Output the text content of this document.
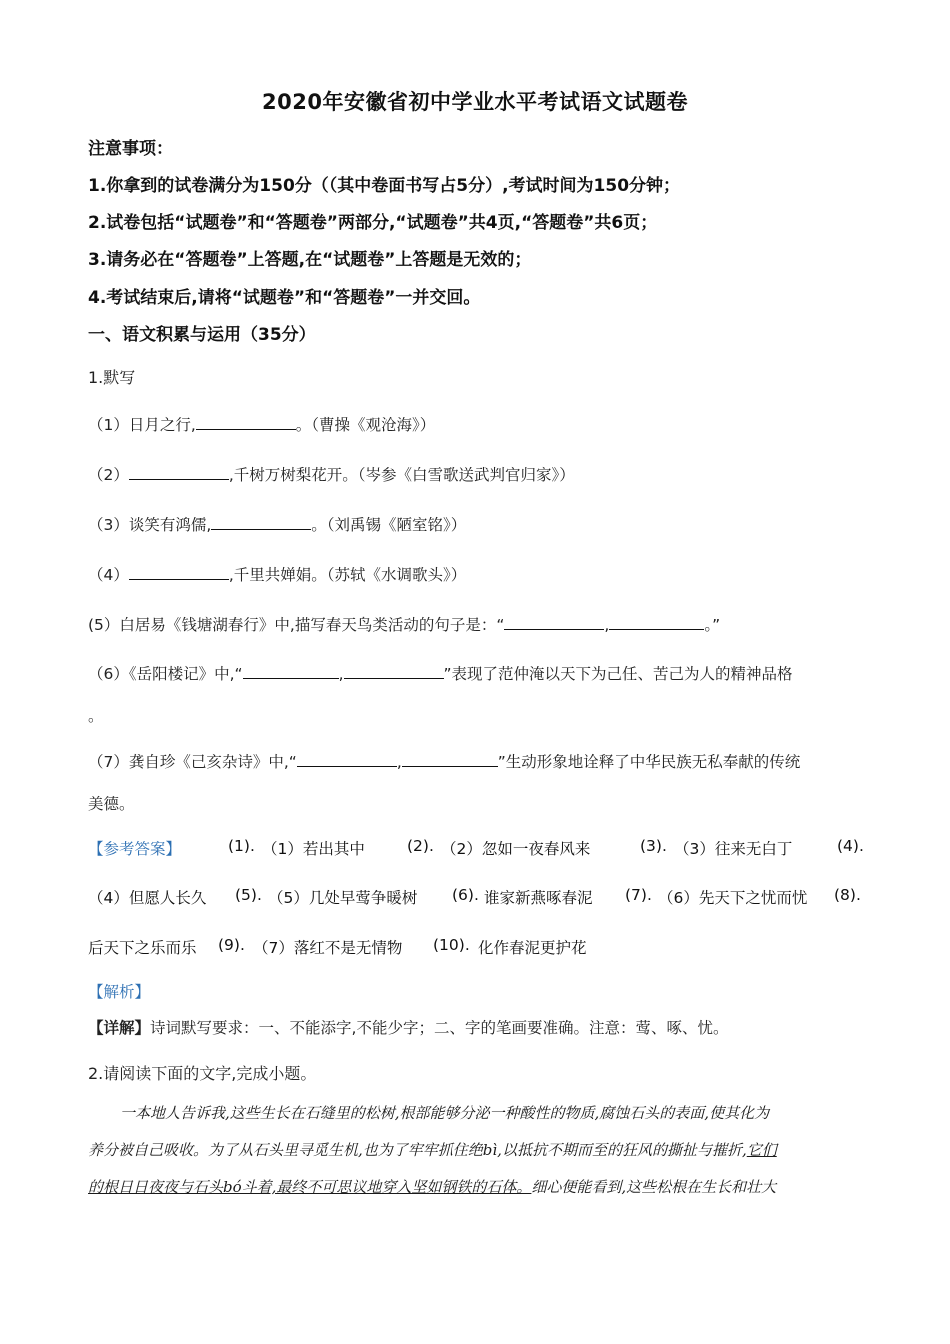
2020年安徽省初中学业水平考试语文试题卷
注意事项：
1.你拿到的试卷满分为150分（（其中卷面书写占5分）,考试时间为150分钟；
2.试卷包括“试题卷”和“答题卷”两部分,“试题卷”共4页,“答题卷”共6页；
3.请务必在“答题卷”上答题,在“试题卷”上答题是无效的；
4.考试结束后,请将“试题卷”和“答题卷”一并交回。
一、语文积累与运用（35分）
1.默写
（1）日月之行,	。（曹操《观沧海》）
（2）	,千树万树梨花开。（岑参《白雪歌送武判官归家》）
（3）谈笑有鸿儒,	。（刘禹锡《陋室铭》）
（4）	,千里共婵娟。（苏轼《水调歌头》）
(5）白居易《钱塘湖春行》中,描写春天鸟类活动的句子是：“	,	。”
（6）《岳阳楼记》中,“	,	”表现了范仲淹以天下为己任、苦己为人的精神品格
。
（7）龚自珍《己亥杂诗》中,“	,	”生动形象地诠释了中华民族无私奉献的传统
美德。
【参考答案】	(1). （1）若出其中	(2). （2）忽如一夜春风来	(3). （3）往来无白丁	(4).
（4）但愿人长久 (5). （5）几处早莺争暖树 (6). 谁家新燕啄春泥 (7). （6）先天下之忧而忧 (8).
后天下之乐而乐 (9). （7）落红不是无情物 (10). 化作春泥更护花
【解析】
【详解】诗词默写要求：一、不能添字,不能少字；二、字的笔画要准确。注意：莺、啄、忧。
2.请阅读下面的文字,完成小题。
一本地人告诉我,这些生长在石缝里的松树,根部能够分泌一种酸性的物质,腐蚀石头的表面,使其化为
养分被自己吸收。为了从石头里寻觅生机,也为了牢牢抓住绝bì,以抵抗不期而至的狂风的撕扯与摧折,它们
的根日日夜夜与石头bó斗着,最终不可思议地穿入坚如钢铁的石体。细心便能看到,这些松根在生长和壮大
